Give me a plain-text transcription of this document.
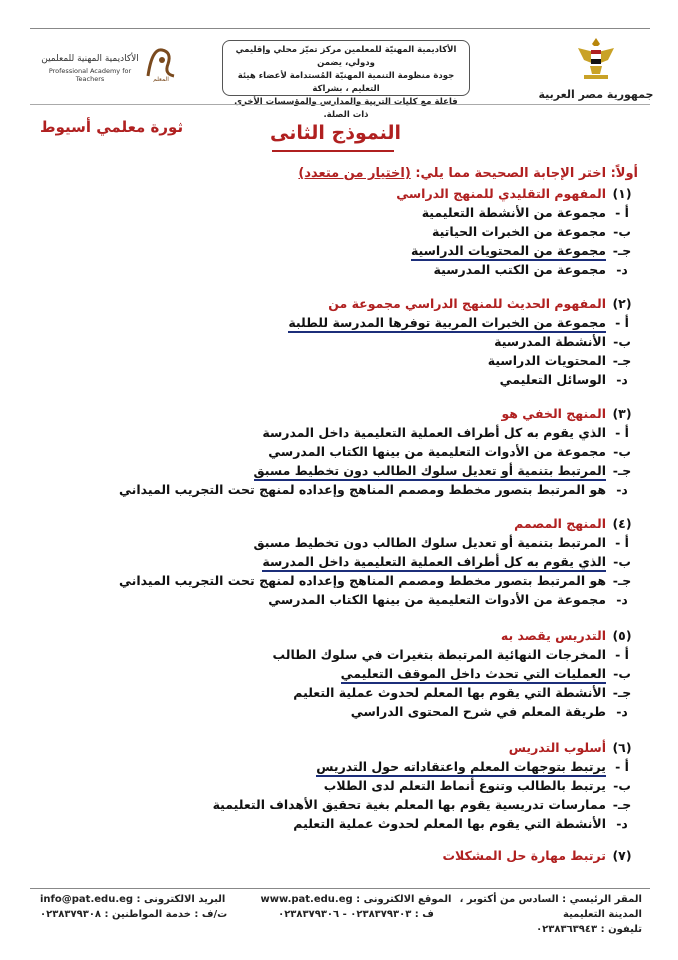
جمهورية مصر العربية
الأكاديمية المهنيّة للمعلمين مركز تميّز محلي وإقليمي ودولي، يضمن
جودة منظومة التنمية المهنيّة المُستدامة لأعضاء هيئة التعليم ، بشراكة
فاعلة مع كليات التربية والمدارس والمؤسسات الأخرى ذات الصلة.
المعلم
الأكاديمية المهنية للمعلمين
Professional Academy for Teachers
ثورة معلمي أسيوط	النموذج الثانى
أولاً: اختر الإجابة الصحيحة مما يلي: (اختيار من متعدد)
(١)المفهوم التقليدي للمنهج الدراسي
أ -مجموعة من الأنشطة التعليمية
ب-مجموعة من الخبرات الحياتية
جـ-مجموعة من المحتويات الدراسية
د-مجموعة من الكتب المدرسية
(٢)المفهوم الحديث للمنهج الدراسي مجموعة من
أ -مجموعة من الخبرات المربية توفرها المدرسة للطلبة
ب-الأنشطة المدرسية
جـ-المحتويات الدراسية
د-الوسائل التعليمي
(٣)المنهج الخفي هو
أ -الذي يقوم به كل أطراف العملية التعليمية داخل المدرسة
ب-مجموعة من الأدوات التعليمية من بينها الكتاب المدرسي
جـ-المرتبط بتنمية أو تعديل سلوك الطالب دون تخطيط مسبق
د-هو المرتبط بتصور مخطط ومصمم المناهج وإعداده لمنهج تحت التجريب الميداني
(٤)المنهج المصمم
أ -المرتبط بتنمية أو تعديل سلوك الطالب دون تخطيط مسبق
ب-الذي يقوم به كل أطراف العملية التعليمية داخل المدرسة
جـ-هو المرتبط بتصور مخطط ومصمم المناهج وإعداده لمنهج تحت التجريب الميداني
د-مجموعة من الأدوات التعليمية من بينها الكتاب المدرسي
(٥)التدريس يقصد به
أ -المخرجات النهائية المرتبطة بتغيرات في سلوك الطالب
ب-العمليات التي تحدث داخل الموقف التعليمي
جـ-الأنشطة التي يقوم بها المعلم لحدوث عملية التعليم
د-طريقة المعلم في شرح المحتوى الدراسي
(٦)أسلوب التدريس
أ -يرتبط بتوجهات المعلم واعتقاداته حول التدريس
ب-يرتبط بالطالب وتنوع أنماط التعلم لدى الطلاب
جـ-ممارسات تدريسية يقوم بها المعلم بغية تحقيق الأهداف التعليمية
د-الأنشطة التي يقوم بها المعلم لحدوث عملية التعليم
(٧)ترتبط مهارة حل المشكلات
المقر الرئيسي : السادس من أكتوبر ، المدينة التعليمية
تليفون : ٠٢٣٨٣٦٣٩٤٣
الموقع الالكترونى : www.pat.edu.eg
ف : ٠٢٣٨٣٧٩٣٠٣ - ٠٢٣٨٣٧٩٣٠٦
البريد الالكترونى : info@pat.edu.eg
ت/ف : خدمة المواطنين : ٠٢٣٨٣٧٩٣٠٨
